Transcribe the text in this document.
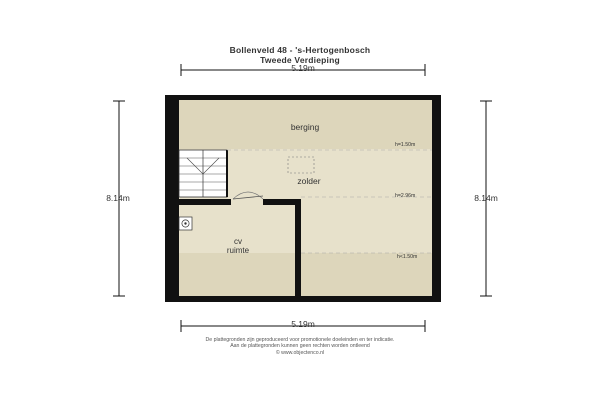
Bollenveld 48 - 's-Hertogenbosch
Tweede Verdieping
berging
zolder
cv
ruimte
h=1.50m
h=2.96m
h<1.50m
5.19m
5.19m
8.14m	8.14m
De plattegronden zijn geproduceerd voor promotionele doeleinden en ter indicatie.
Aan de plattegronden kunnen geen rechten worden ontleend
© www.objectenco.nl
